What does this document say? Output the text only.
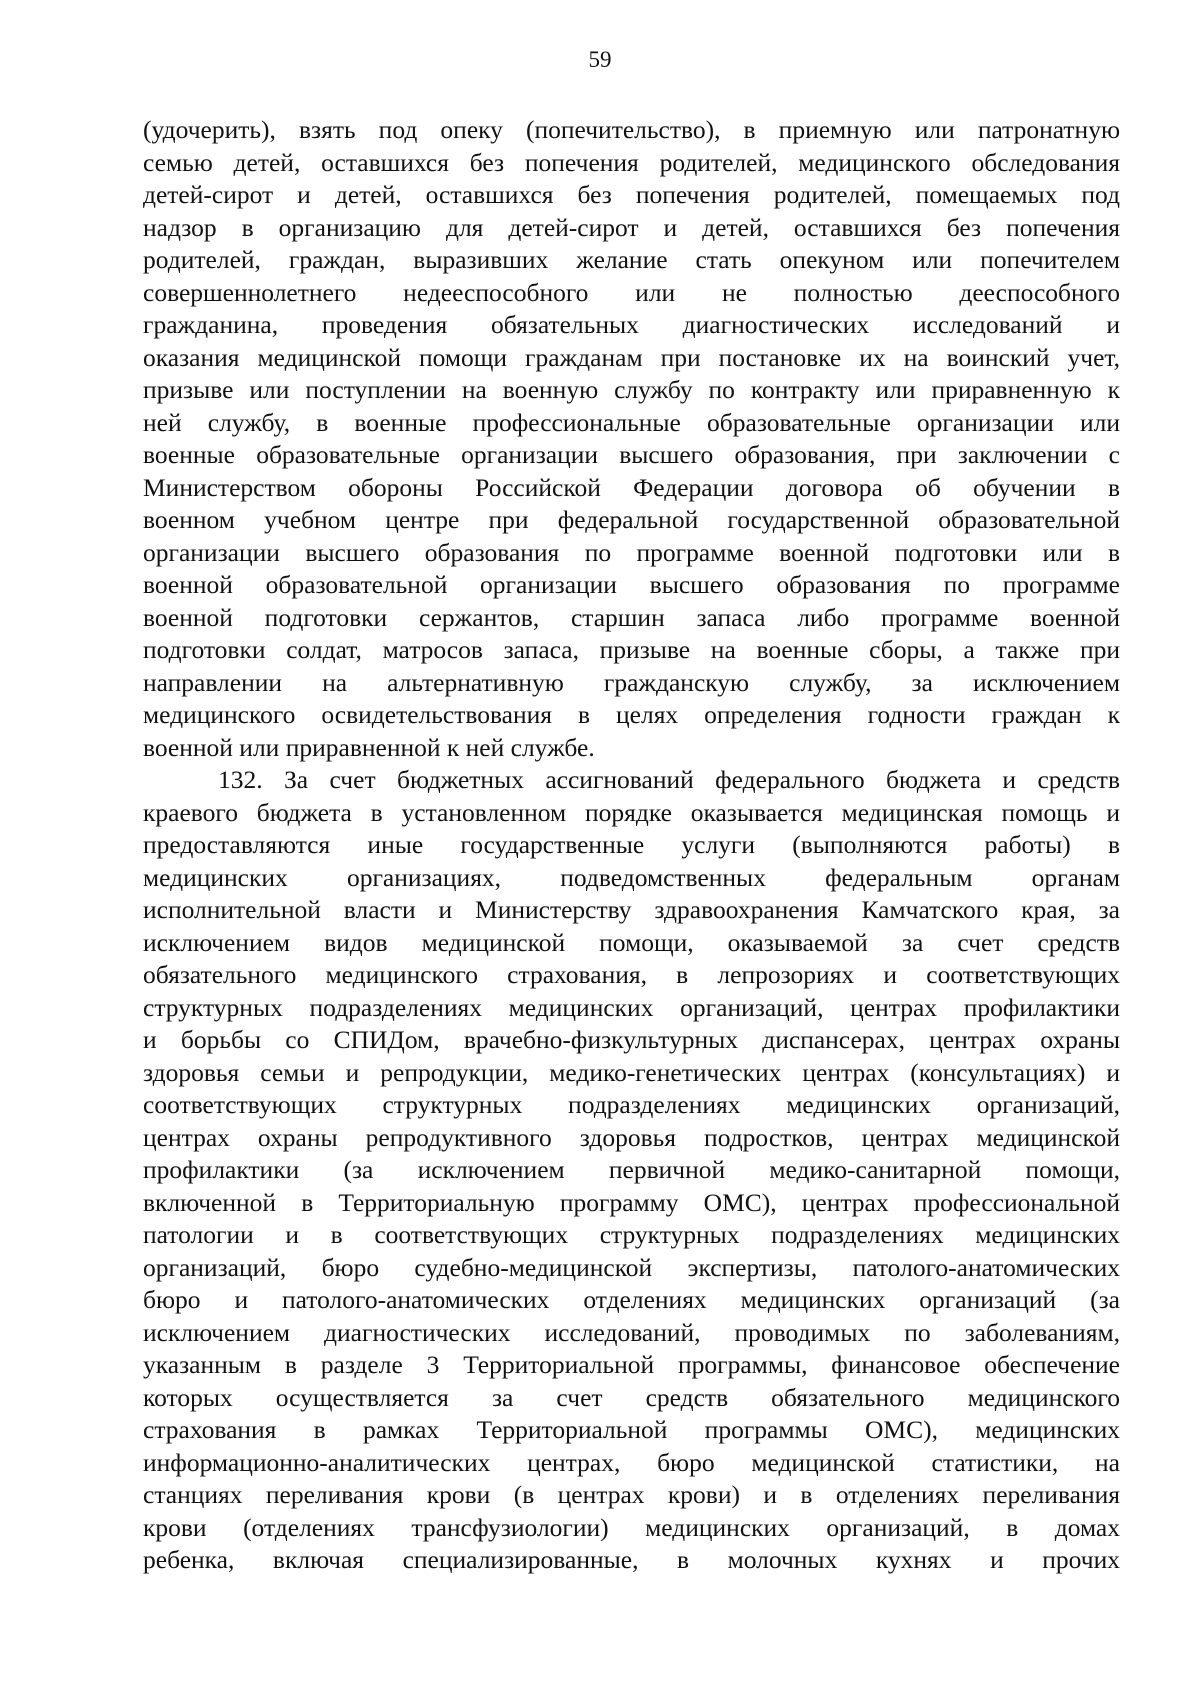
59
(удочерить), взять под опеку (попечительство), в приемную или патронатную
семью детей, оставшихся без попечения родителей, медицинского обследования
детей-сирот и детей, оставшихся без попечения родителей, помещаемых под
надзор в организацию для детей-сирот и детей, оставшихся без попечения
родителей, граждан, выразивших желание стать опекуном или попечителем
совершеннолетнего недееспособного или не полностью дееспособного
гражданина, проведения обязательных диагностических исследований и
оказания медицинской помощи гражданам при постановке их на воинский учет,
призыве или поступлении на военную службу по контракту или приравненную к
ней службу, в военные профессиональные образовательные организации или
военные образовательные организации высшего образования, при заключении с
Министерством обороны Российской Федерации договора об обучении в
военном учебном центре при федеральной государственной образовательной
организации высшего образования по программе военной подготовки или в
военной образовательной организации высшего образования по программе
военной подготовки сержантов, старшин запаса либо программе военной
подготовки солдат, матросов запаса, призыве на военные сборы, а также при
направлении на альтернативную гражданскую службу, за исключением
медицинского освидетельствования в целях определения годности граждан к
военной или приравненной к ней службе.
132. За счет бюджетных ассигнований федерального бюджета и средств
краевого бюджета в установленном порядке оказывается медицинская помощь и
предоставляются иные государственные услуги (выполняются работы) в
медицинских организациях, подведомственных федеральным органам
исполнительной власти и Министерству здравоохранения Камчатского края, за
исключением видов медицинской помощи, оказываемой за счет средств
обязательного медицинского страхования, в лепрозориях и соответствующих
структурных подразделениях медицинских организаций, центрах профилактики
и борьбы со СПИДом, врачебно-физкультурных диспансерах, центрах охраны
здоровья семьи и репродукции, медико-генетических центрах (консультациях) и
соответствующих структурных подразделениях медицинских организаций,
центрах охраны репродуктивного здоровья подростков, центрах медицинской
профилактики (за исключением первичной медико-санитарной помощи,
включенной в Территориальную программу ОМС), центрах профессиональной
патологии и в соответствующих структурных подразделениях медицинских
организаций, бюро судебно-медицинской экспертизы, патолого-анатомических
бюро и патолого-анатомических отделениях медицинских организаций (за
исключением диагностических исследований, проводимых по заболеваниям,
указанным в разделе 3 Территориальной программы, финансовое обеспечение
которых осуществляется за счет средств обязательного медицинского
страхования в рамках Территориальной программы ОМС), медицинских
информационно-аналитических центрах, бюро медицинской статистики, на
станциях переливания крови (в центрах крови) и в отделениях переливания
крови (отделениях трансфузиологии) медицинских организаций, в домах
ребенка, включая специализированные, в молочных кухнях и прочих
